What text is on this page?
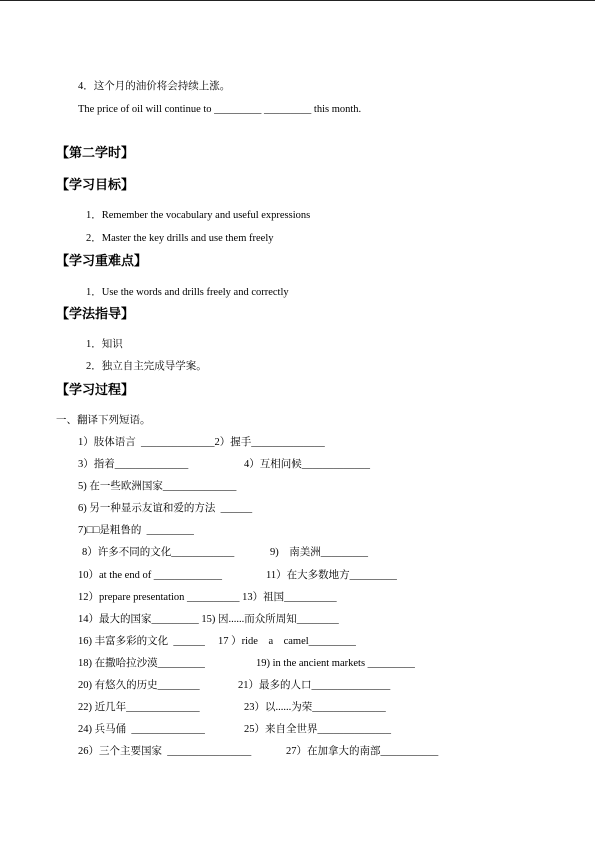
4．这个月的油价将会持续上涨。
The price of oil will continue to _________ _________ this month.
【第二学时】
【学习目标】
1．Remember the vocabulary and useful expressions
2．Master the key drills and use them freely
【学习重难点】
1．Use the words and drills freely and correctly
【学法指导】
1．知识
2．独立自主完成导学案。
【学习过程】
一、翻译下列短语。
1）肢体语言  ______________2）握手______________
3）指着______________	4）互相问候_____________
5) 在一些欧洲国家______________
6) 另一种显示友谊和爱的方法  ______
7)□□是粗鲁的  _________
8）许多不同的文化____________	9)    南美洲_________
10）at the end of _____________	11）在大多数地方_________
12）prepare presentation __________ 13）祖国__________
14）最大的国家_________ 15) 因......而众所周知________
16) 丰富多彩的文化  ______     17 ）ride    a    camel_________
18) 在撒哈拉沙漠_________	19) in the ancient markets _________
20) 有悠久的历史________	21）最多的人口_______________
22) 近几年______________	23）以......为荣______________
24) 兵马俑  ______________	25）来自全世界______________
26）三个主要国家  ________________	27）在加拿大的南部___________
